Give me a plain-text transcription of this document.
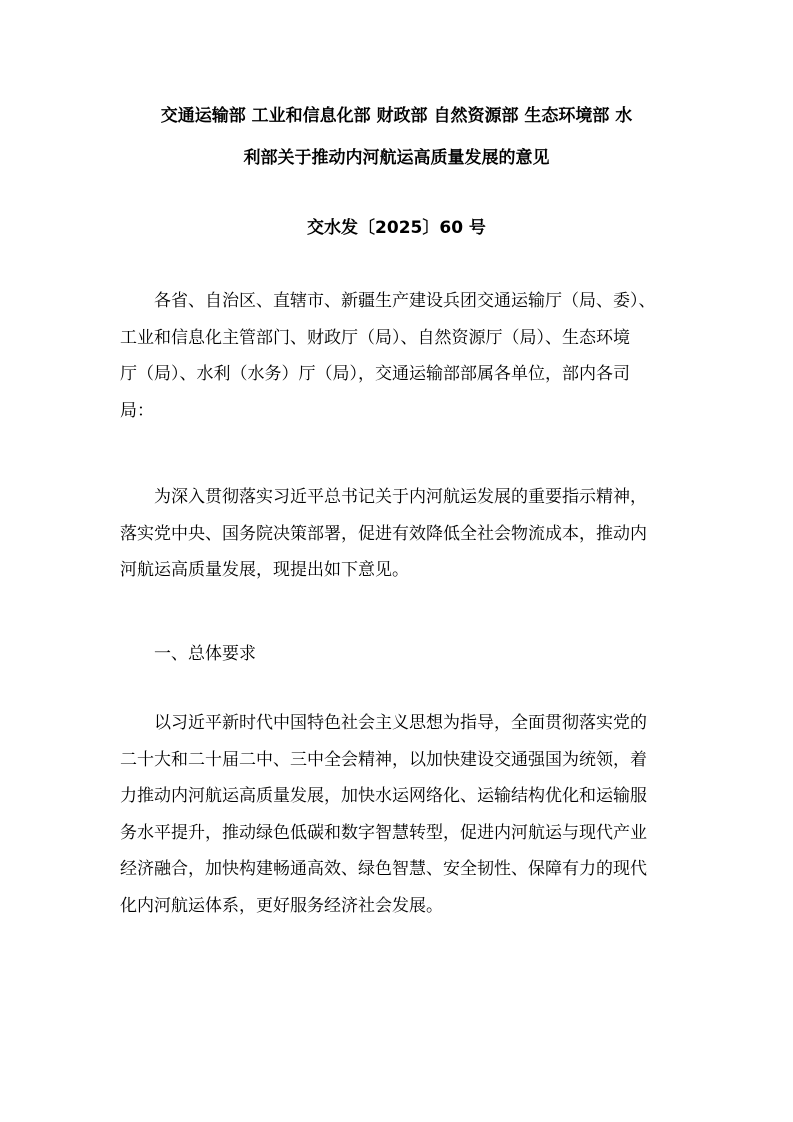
交通运输部 工业和信息化部 财政部 自然资源部 生态环境部 水
利部关于推动内河航运高质量发展的意见
交水发〔2025〕60 号
各省、自治区、直辖市、新疆生产建设兵团交通运输厅（局、委）、
工业和信息化主管部门、财政厅（局）、自然资源厅（局）、生态环境
厅（局）、水利（水务）厅（局），交通运输部部属各单位，部内各司
局：
为深入贯彻落实习近平总书记关于内河航运发展的重要指示精神，
落实党中央、国务院决策部署，促进有效降低全社会物流成本，推动内
河航运高质量发展，现提出如下意见。
一、总体要求
以习近平新时代中国特色社会主义思想为指导，全面贯彻落实党的
二十大和二十届二中、三中全会精神，以加快建设交通强国为统领，着
力推动内河航运高质量发展，加快水运网络化、运输结构优化和运输服
务水平提升，推动绿色低碳和数字智慧转型，促进内河航运与现代产业
经济融合，加快构建畅通高效、绿色智慧、安全韧性、保障有力的现代
化内河航运体系，更好服务经济社会发展。
